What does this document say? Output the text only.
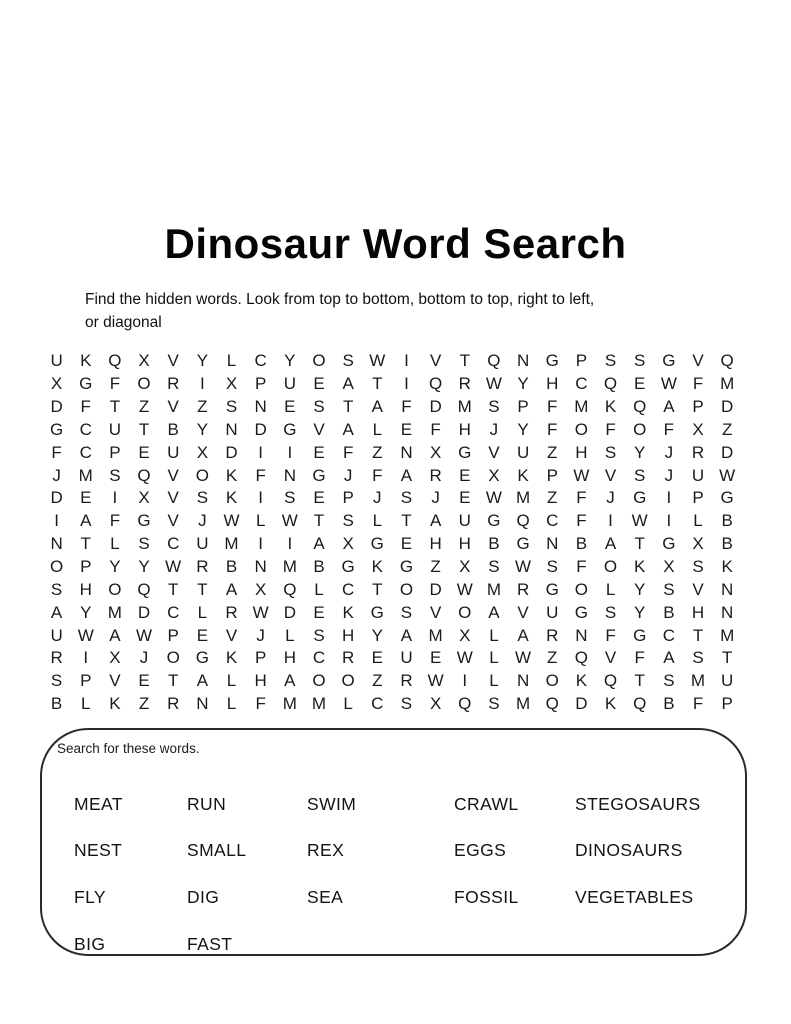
Dinosaur Word Search
Find the hidden words. Look from top to bottom, bottom to top, right to left,
or diagonal
U	K Q X	V	Y	L	C	Y O S W	I	V	T	Q N G P	S	S G V Q
X G	F	O R	I	X	P	U	E	A	T	I	Q R W Y	H C Q E W F M
D	F	T	Z	V	Z	S	N	E	S	T	A	F	D M S	P	F M K Q A	P	D
G C U	T	B	Y	N D G V	A	L	E	F	H	J	Y	F	O	F	O	F	X	Z
F	C	P	E	U	X	D	I	I	E	F	Z	N	X G V	U	Z	H	S	Y	J	R D
J	M S Q V O K	F	N G	J	F	A	R	E	X	K	P W V	S	J	U W
D	E	I	X	V	S	K	I	S	E	P	J	S	J	E W M Z	F	J	G	I	P G
I	A	F	G V	J W L W T	S	L	T	A	U G Q C	F	I	W	I	L	B
N	T	L	S	C U M	I	I	A	X G E	H H	B G N	B	A	T	G X	B
O P	Y	Y W R	B	N M B G K G	Z	X	S W S	F	O K	X	S	K
S	H O Q	T	T	A	X Q	L	C	T	O D W M R G O	L	Y	S	V	N
A	Y M D C	L	R W D	E	K G S	V O A	V	U G S	Y	B	H N
U W A W P	E	V	J	L	S	H	Y	A M X	L	A	R N	F	G C	T M
R	I	X	J	O G K	P	H C R	E	U	E W L W Z	Q V	F	A	S	T
S	P	V	E	T	A	L	H	A O O	Z	R W	I	L	N O K Q	T	S M U
B	L	K	Z	R N	L	F M M	L	C	S	X Q S M Q D	K Q B	F	P
Search for these words.
MEAT	RUN	SWIM	CRAWL	STEGOSAURS
NEST	SMALL	REX	EGGS	DINOSAURS
FLY	DIG	SEA	FOSSIL	VEGETABLES
BIG	FAST
